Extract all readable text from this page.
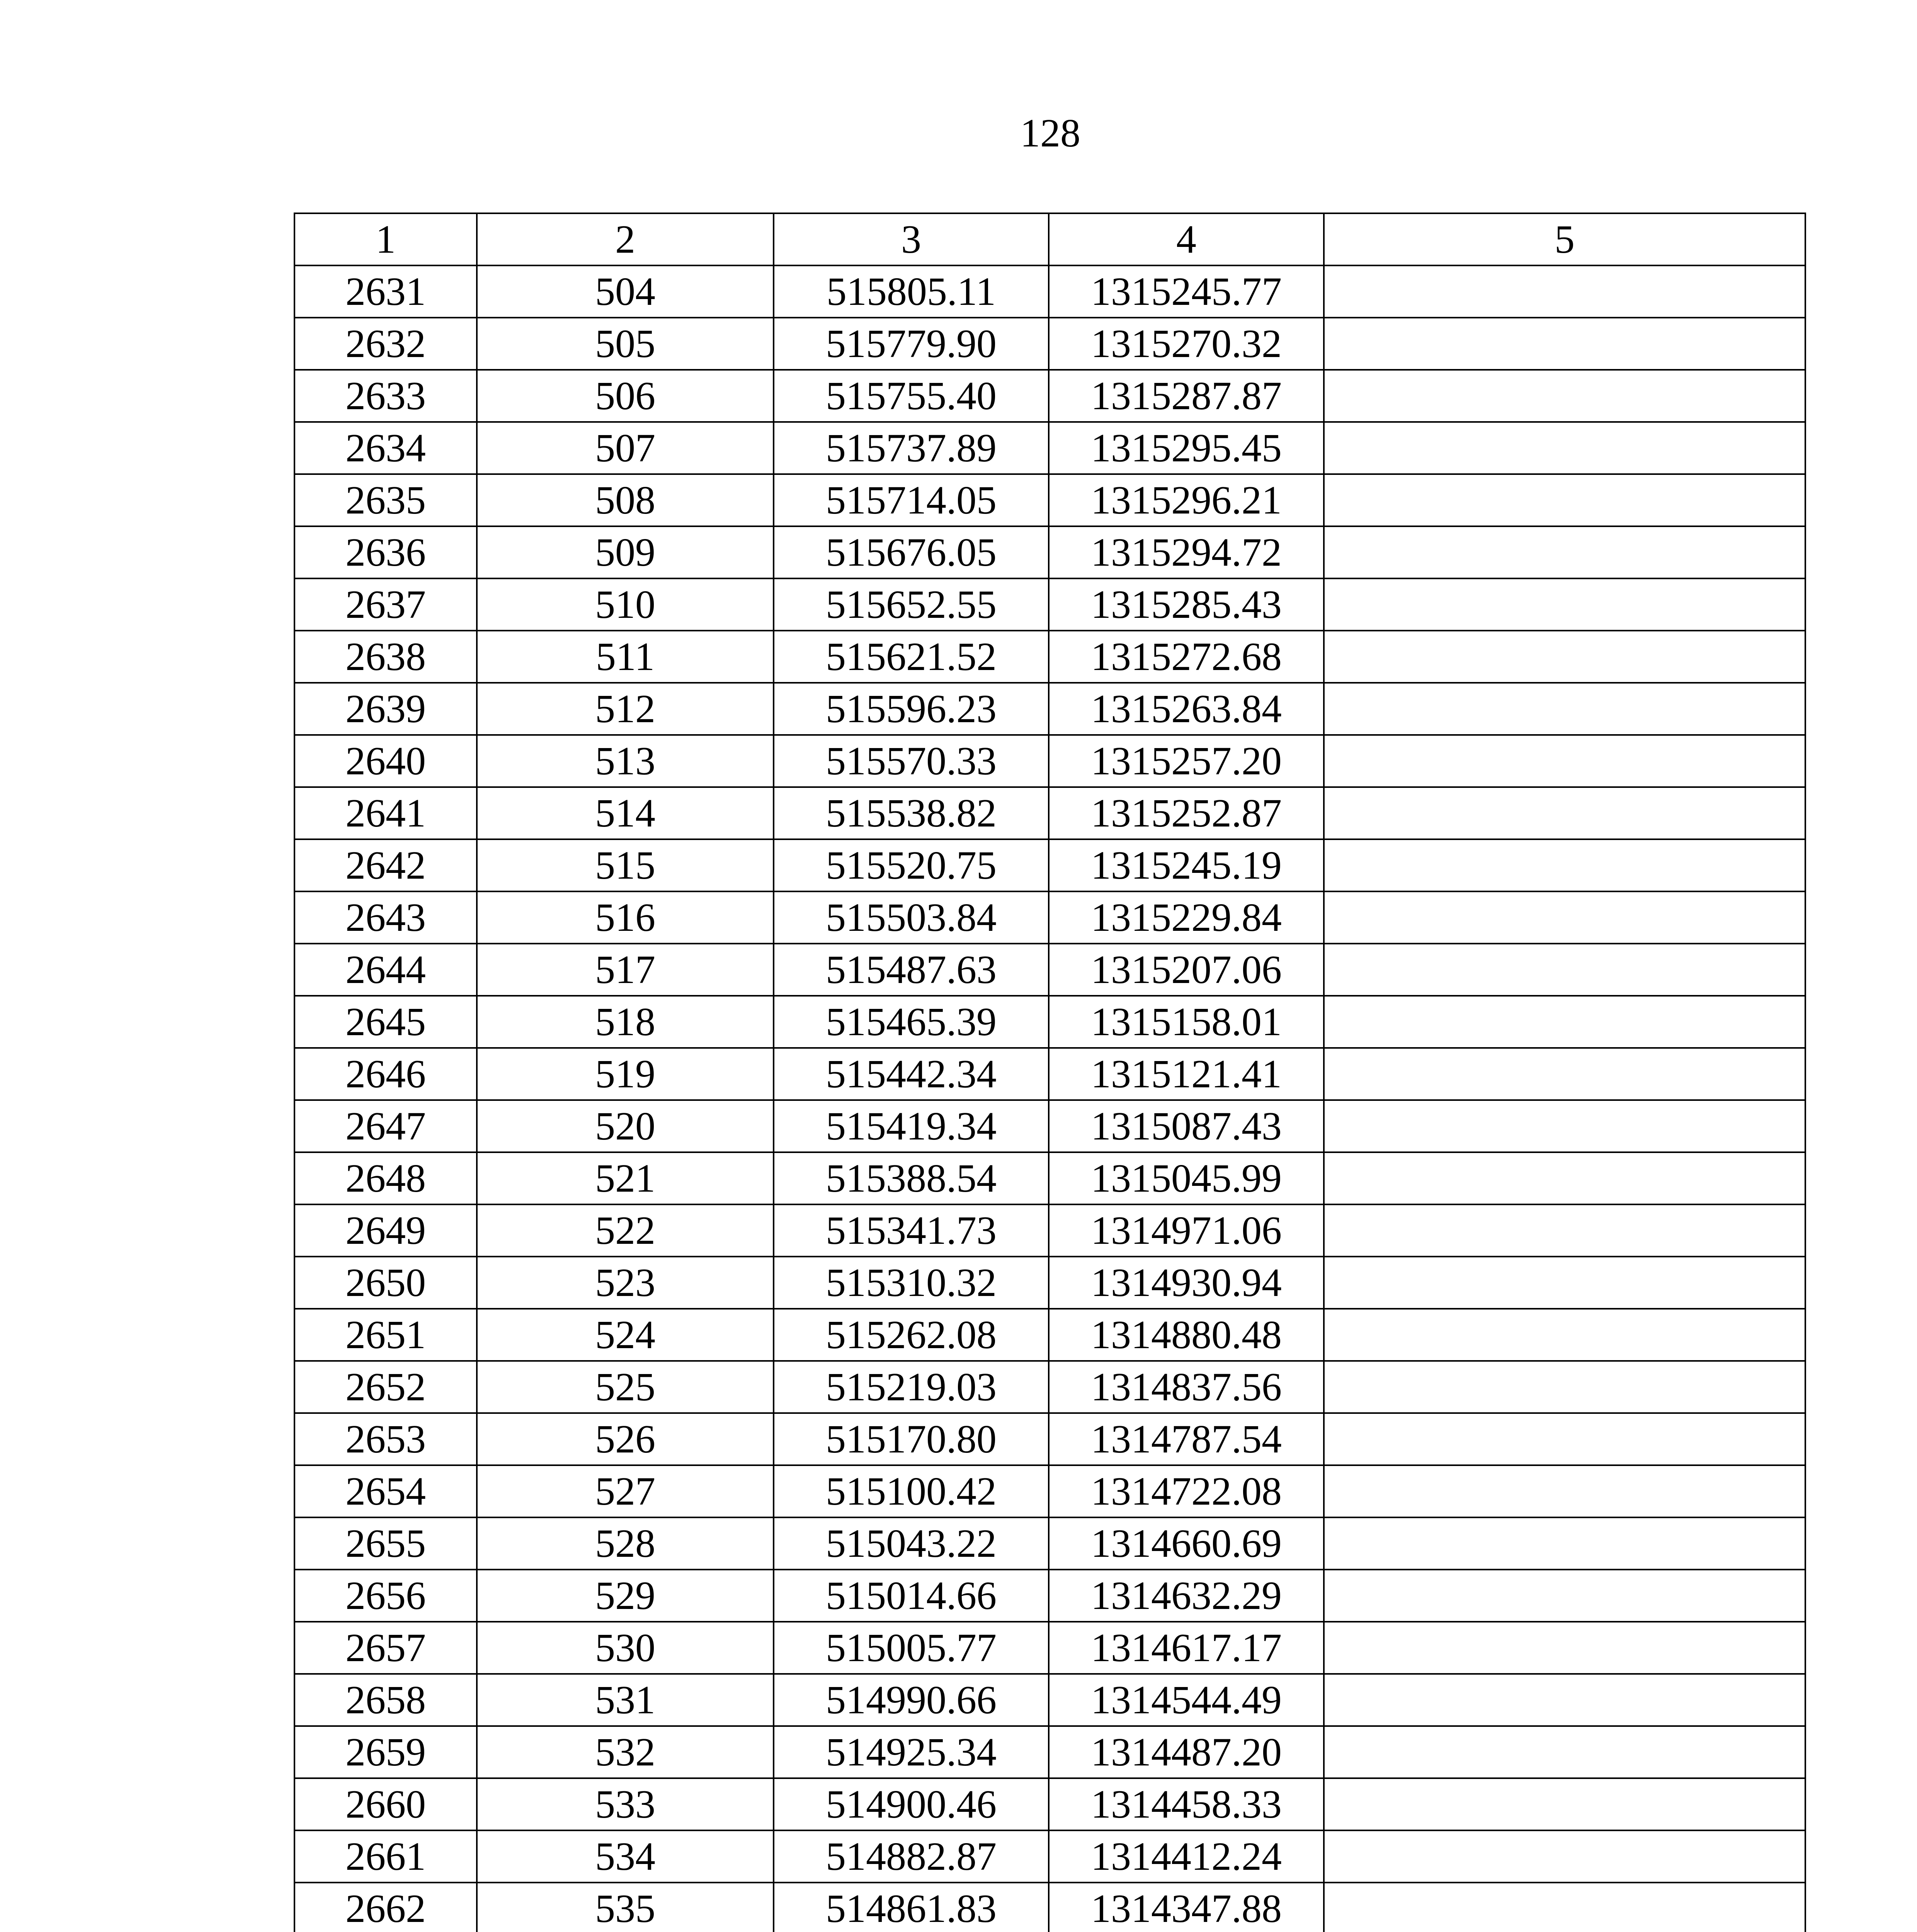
128
1	2	3	4	5
2631	504	515805.11	1315245.77	
2632	505	515779.90	1315270.32	
2633	506	515755.40	1315287.87	
2634	507	515737.89	1315295.45	
2635	508	515714.05	1315296.21	
2636	509	515676.05	1315294.72	
2637	510	515652.55	1315285.43	
2638	511	515621.52	1315272.68	
2639	512	515596.23	1315263.84	
2640	513	515570.33	1315257.20	
2641	514	515538.82	1315252.87	
2642	515	515520.75	1315245.19	
2643	516	515503.84	1315229.84	
2644	517	515487.63	1315207.06	
2645	518	515465.39	1315158.01	
2646	519	515442.34	1315121.41	
2647	520	515419.34	1315087.43	
2648	521	515388.54	1315045.99	
2649	522	515341.73	1314971.06	
2650	523	515310.32	1314930.94	
2651	524	515262.08	1314880.48	
2652	525	515219.03	1314837.56	
2653	526	515170.80	1314787.54	
2654	527	515100.42	1314722.08	
2655	528	515043.22	1314660.69	
2656	529	515014.66	1314632.29	
2657	530	515005.77	1314617.17	
2658	531	514990.66	1314544.49	
2659	532	514925.34	1314487.20	
2660	533	514900.46	1314458.33	
2661	534	514882.87	1314412.24	
2662	535	514861.83	1314347.88	
